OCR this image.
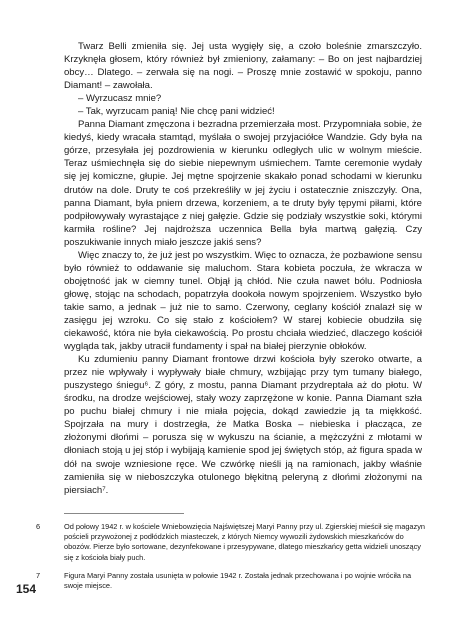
Twarz Belli zmieniła się. Jej usta wygięły się, a czoło boleśnie zmarszczyło. Krzyknęła głosem, który również był zmieniony, załamany: – Bo on jest najbardziej obcy… Dlatego. – zerwała się na nogi. – Proszę mnie zostawić w spokoju, panno Diamant! – zawołała.

– Wyrzucasz mnie?

– Tak, wyrzucam panią! Nie chcę pani widzieć!

Panna Diamant zmęczona i bezradna przemierzała most. Przypomniała sobie, że kiedyś, kiedy wracała stamtąd, myślała o swojej przyjaciółce Wandzie. Gdy była na górze, przesyłała jej pozdrowienia w kierunku odległych ulic w wolnym mieście. Teraz uśmiechnęła się do siebie niepewnym uśmiechem. Tamte ceremonie wydały się jej komiczne, głupie. Jej mętne spojrzenie skakało ponad schodami w kierunku drutów na dole. Druty te coś przekreśliły w jej życiu i ostatecznie zniszczyły. Ona, panna Diamant, była pniem drzewa, korzeniem, a te druty były tępymi piłami, które podpiłowywały wyrastające z niej gałęzie. Gdzie się podziały wszystkie soki, którymi karmiła rośline? Jej najdroższa uczennica Bella była martwą gałęzią. Czy poszukiwanie innych miało jeszcze jakiś sens?

Więc znaczy to, że już jest po wszystkim. Więc to oznacza, że pozbawione sensu było również to oddawanie się maluchom. Stara kobieta poczuła, że wkracza w obojętność jak w ciemny tunel. Objął ją chłód. Nie czuła nawet bólu. Podniosła głowę, stojąc na schodach, popatrzyła dookoła nowym spojrzeniem. Wszystko było takie samo, a jednak – już nie to samo. Czerwony, ceglany kościół znalazł się w zasięgu jej wzroku. Co się stało z kościołem? W starej kobiecie obudziła się ciekawość, która nie była ciekawością. Po prostu chciała wiedzieć, dlaczego kościół wygląda tak, jakby utracił fundamenty i spał na białej pierzynie obłoków.

Ku zdumieniu panny Diamant frontowe drzwi kościoła były szeroko otwarte, a przez nie wpływały i wypływały białe chmury, wzbijając przy tym tumany białego, puszystego śniegu⁶. Z góry, z mostu, panna Diamant przydreptała aż do płotu. W środku, na drodze wejściowej, stały wozy zaprzężone w konie. Panna Diamant szła po puchu białej chmury i nie miała pojęcia, dokąd zawiedzie ją ta miękkość. Spojrzała na mury i dostrzegła, że Matka Boska – niebieska i płacząca, ze złożonymi dłońmi – porusza się w wykuszu na ścianie, a mężczyźni z młotami w dłoniach stoją u jej stóp i wybijają kamienie spod jej świętych stóp, aż figura spada w dół na swoje wzniesione ręce. We czwórkę nieśli ją na ramionach, jakby właśnie zamieniła się w nieboszczyka otulonego błękitną peleryną z dłońmi złożonymi na piersiach⁷.

6	Od połowy 1942 r. w kościele Wniebowzięcia Najświętszej Maryi Panny przy ul. Zgierskiej mieścił się magazyn pościeli przywożonej z podłódzkich miasteczek, z których Niemcy wywozili żydowskich mieszkańców do obozów. Pierze było sortowane, dezynfekowane i przesypywane, dlatego mieszkańcy getta widzieli unoszący się z kościoła biały puch.
7	Figura Maryi Panny została usunięta w połowie 1942 r. Została jednak przechowana i po wojnie wróciła na swoje miejsce.
154
